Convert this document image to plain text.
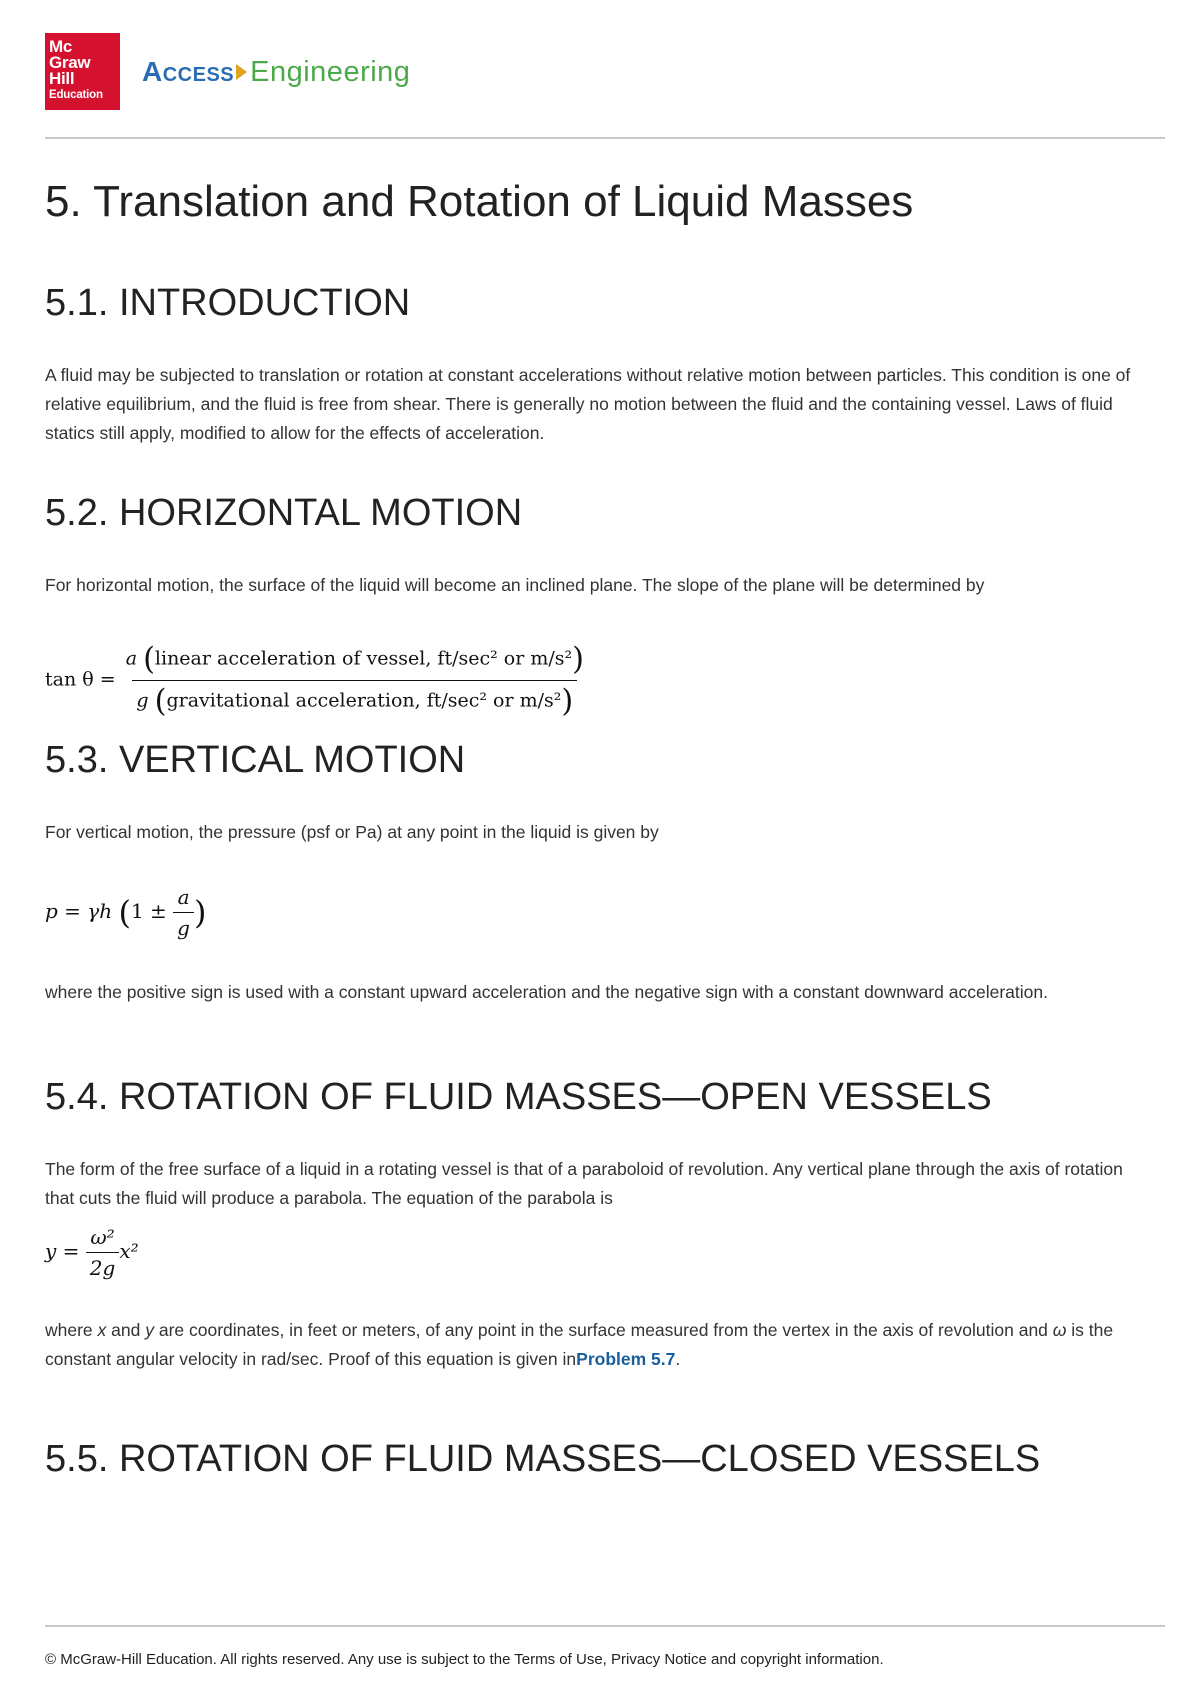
Mc
Graw
Hill
Education
Access Engineering
5. Translation and Rotation of Liquid Masses
5.1. INTRODUCTION

A fluid may be subjected to translation or rotation at constant accelerations without relative motion between particles. This condition is one of relative equilibrium, and the fluid is free from shear. There is generally no motion between the fluid and the containing vessel. Laws of fluid statics still apply, modified to allow for the effects of acceleration.

5.2. HORIZONTAL MOTION

For horizontal motion, the surface of the liquid will become an inclined plane. The slope of the plane will be determined by

$\tan \theta = \frac{\text{a (linear acceleration of vessel, ft/sec² or m/s²)}}{\text{g (gravitational acceleration, ft/sec² or m/s²)}}$
5.3. VERTICAL MOTION

For vertical motion, the pressure (psf or Pa) at any point in the liquid is given by

p = γh ($1 \pm \frac{a}{g}$ )

where the positive sign is used with a constant upward acceleration and the negative sign with a constant downward acceleration.

5.4. ROTATION OF FLUID MASSES—OPEN VESSELS

The form of the free surface of a liquid in a rotating vessel is that of a paraboloid of revolution. Any vertical plane through the axis of rotation that cuts the fluid will produce a parabola. The equation of the parabola is

$y = \frac{\text{ω²}}{2g} x^2$

where x and y are coordinates, in feet or meters, of any point in the surface measured from the vertex in the axis of revolution and ω is the constant angular velocity in rad/sec. Proof of this equation is given inProblem 5.7.

5.5. ROTATION OF FLUID MASSES—CLOSED VESSELS
© McGraw-Hill Education. All rights reserved. Any use is subject to the Terms of Use, Privacy Notice and copyright information.
